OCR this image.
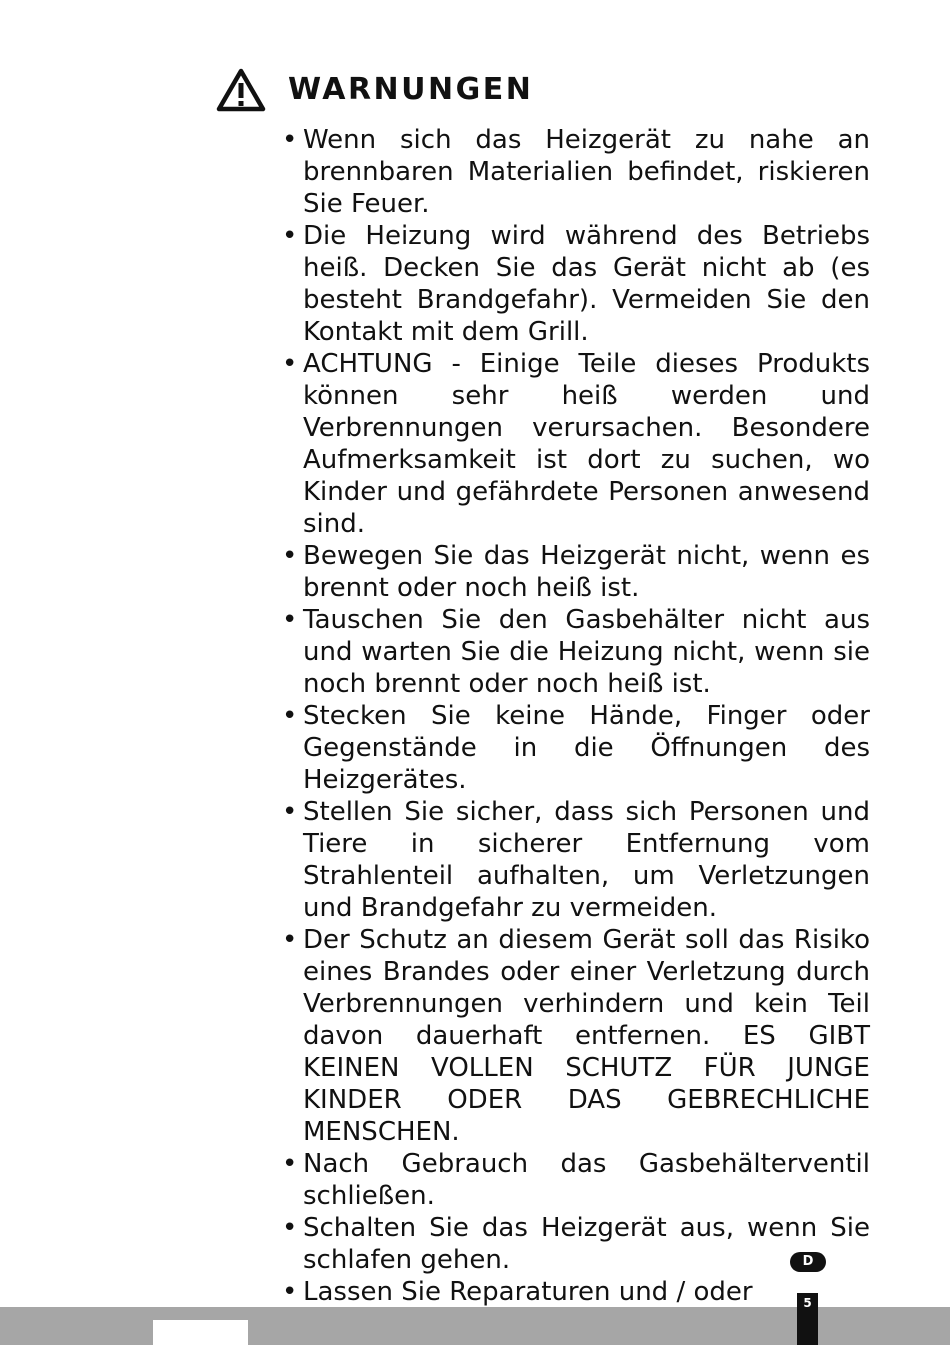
WARNUNGEN
• Wenn sich das Heizgerät zu nahe an brennbaren Materialien befindet, riskieren Sie Feuer.
• Die Heizung wird während des Betriebs heiß. Decken Sie das Gerät nicht ab (es besteht Brandgefahr). Vermeiden Sie den Kontakt mit dem Grill.
• ACHTUNG - Einige Teile dieses Produkts können sehr heiß werden und Verbrennungen verursachen. Besondere Aufmerksamkeit ist dort zu suchen, wo Kinder und gefährdete Personen anwesend sind.
• Bewegen Sie das Heizgerät nicht, wenn es brennt oder noch heiß ist.
• Tauschen Sie den Gasbehälter nicht aus und warten Sie die Heizung nicht, wenn sie noch brennt oder noch heiß ist.
• Stecken Sie keine Hände, Finger oder Gegenstände in die Öffnungen des Heizgerätes.
• Stellen Sie sicher, dass sich Personen und Tiere in sicherer Entfernung vom Strahlenteil aufhalten, um Verletzungen und Brandgefahr zu vermeiden.
• Der Schutz an diesem Gerät soll das Risiko eines Brandes oder einer Verletzung durch Verbrennungen verhindern und kein Teil davon dauerhaft entfernen. ES GIBT KEINEN VOLLEN SCHUTZ FÜR JUNGE KINDER ODER DAS GEBRECHLICHE MENSCHEN.
• Nach Gebrauch das Gasbehälterventil schließen.
• Schalten Sie das Heizgerät aus, wenn Sie schlafen gehen.
• Lassen Sie Reparaturen und / oder
D
5
